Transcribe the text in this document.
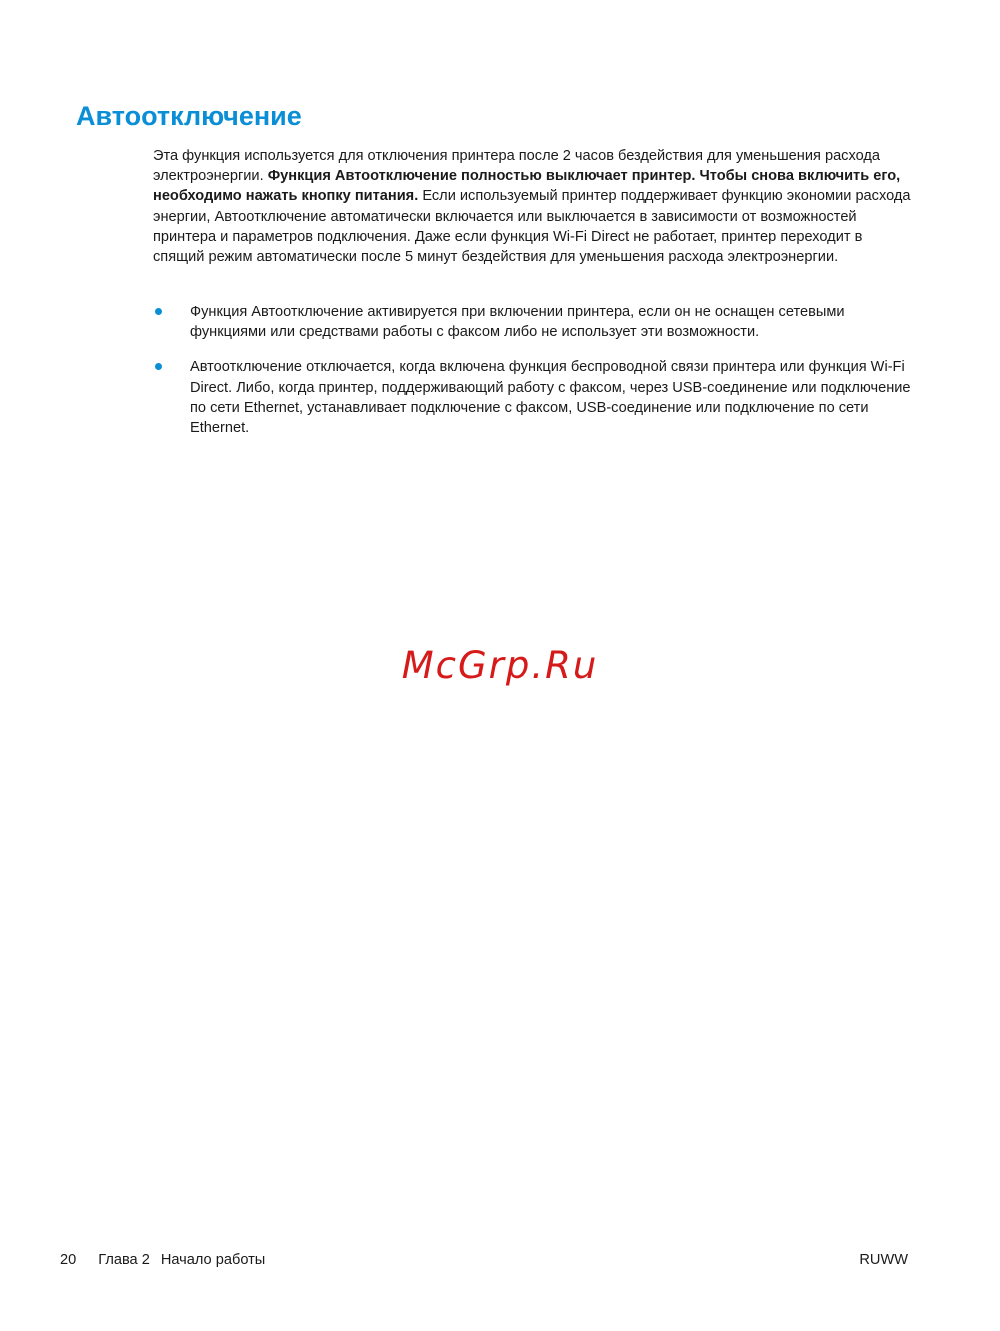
Автоотключение

Эта функция используется для отключения принтера после 2 часов бездействия для уменьшения расхода электроэнергии. Функция Автоотключение полностью выключает принтер. Чтобы снова включить его, необходимо нажать кнопку питания. Если используемый принтер поддерживает функцию экономии расхода энергии, Автоотключение автоматически включается или выключается в зависимости от возможностей принтера и параметров подключения. Даже если функция Wi-Fi Direct не работает, принтер переходит в спящий режим автоматически после 5 минут бездействия для уменьшения расхода электроэнергии.

Функция Автоотключение активируется при включении принтера, если он не оснащен сетевыми функциями или средствами работы с факсом либо не использует эти возможности.
Автоотключение отключается, когда включена функция беспроводной связи принтера или функция Wi-Fi Direct. Либо, когда принтер, поддерживающий работу с факсом, через USB-соединение или подключение по сети Ethernet, устанавливает подключение с факсом, USB-соединение или подключение по сети Ethernet.
McGrp.Ru
20 Глава 2 Начало работы	RUWW
